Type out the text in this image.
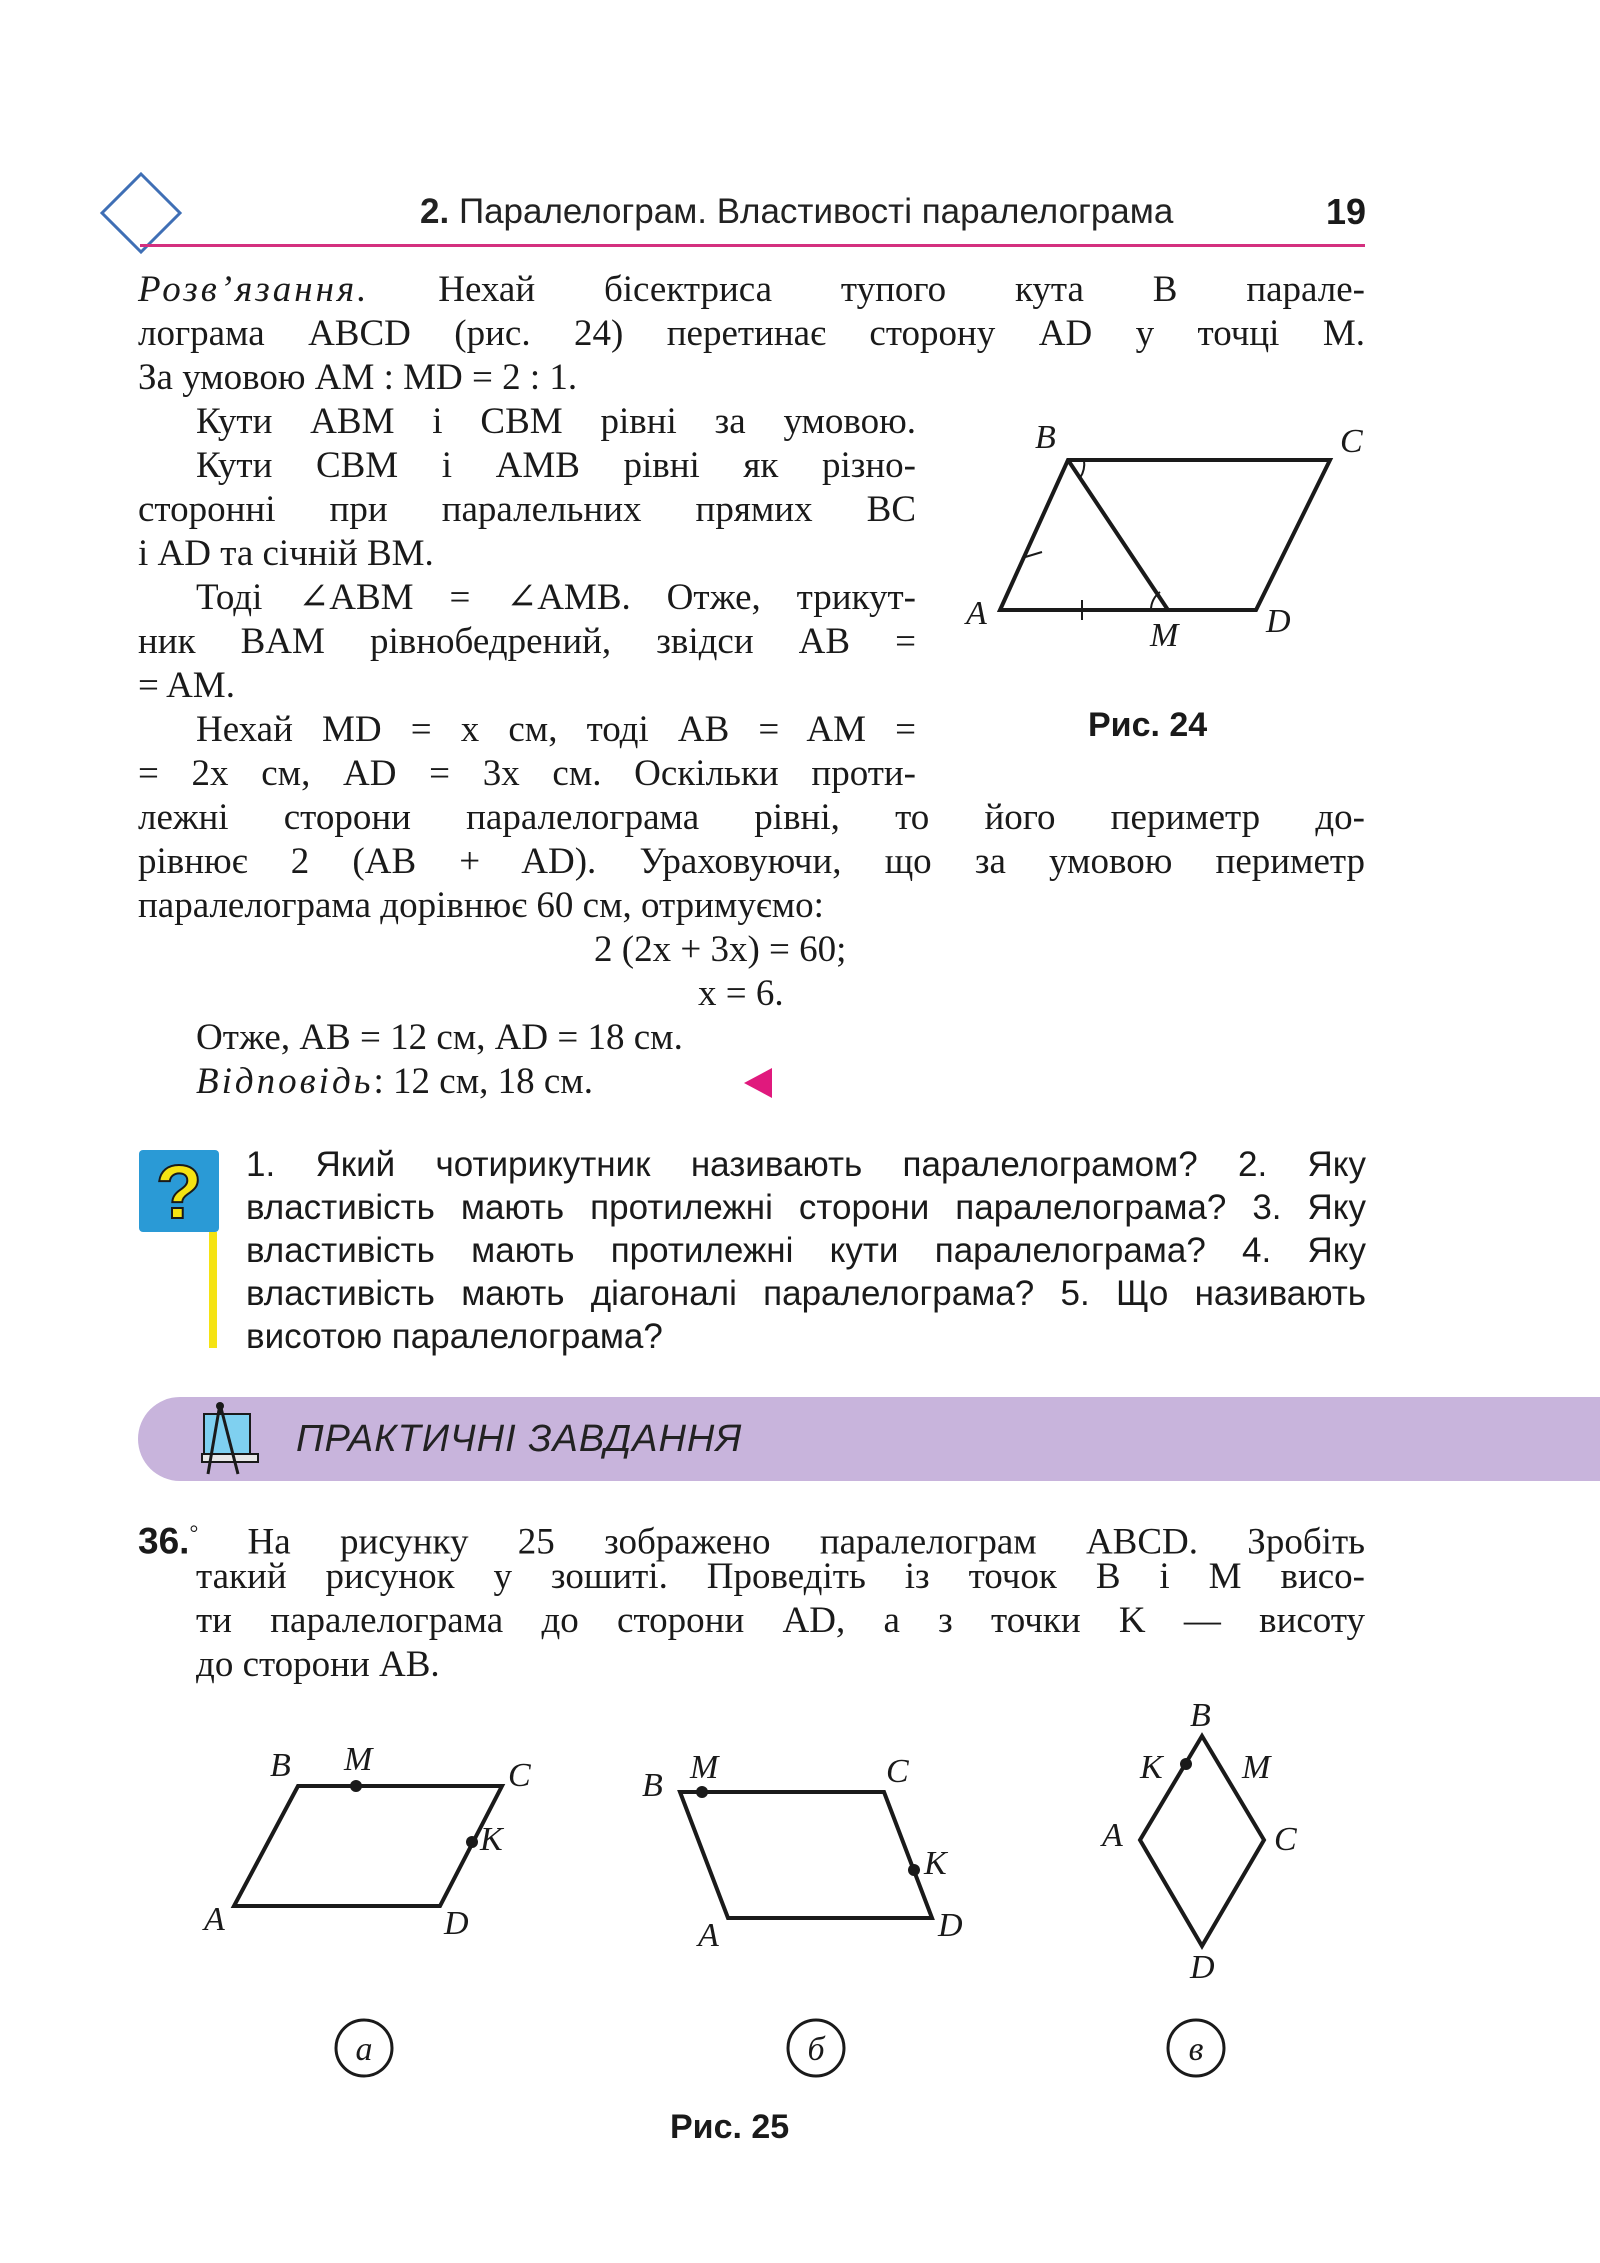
2. Паралелограм. Властивості паралелограма	19
Розв’язання. Нехай бісектриса тупого кута B парале-
лограма ABCD (рис. 24) перетинає сторону AD у точці M.
За умовою AM : MD = 2 : 1.
Кути ABM і CBM рівні за умовою.
Кути CBM і AMB рівні як різно-
сторонні при паралельних прямих BC
і AD та січній BM.
Тоді ∠ABM = ∠AMB. Отже, трикут-
ник BAM рівнобедрений, звідси AB =
= AM.
Нехай MD = x см, тоді AB = AM =
= 2x см, AD = 3x см. Оскільки проти-
лежні сторони паралелограма рівні, то його периметр до-
рівнює 2 (AB + AD). Ураховуючи, що за умовою периметр
паралелограма дорівнює 60 см, отримуємо:
2 (2x + 3x) = 60;
x = 6.
Отже, AB = 12 см, AD = 18 см.
Відповідь: 12 см, 18 см.
B	C
A	D
M
Рис. 24
? 1. Який чотирикутник називають паралелограмом? 2. Яку
властивість мають протилежні сторони паралелограма? 3. Яку
властивість мають протилежні кути паралелограма? 4. Яку
властивість мають діагоналі паралелограма? 5. Що називають
висотою паралелограма?
ПРАКТИЧНІ ЗАВДАННЯ
36.° На рисунку 25 зображено паралелограм ABCD. Зробіть
такий рисунок у зошиті. Проведіть із точок B і M висо-
ти паралелограма до сторони AD, а з точки K — висоту
до сторони AB.
B M	C
K
A	D
а
B M	C
K
A	D
б
B
K M
A	C
D
в
Рис. 25
